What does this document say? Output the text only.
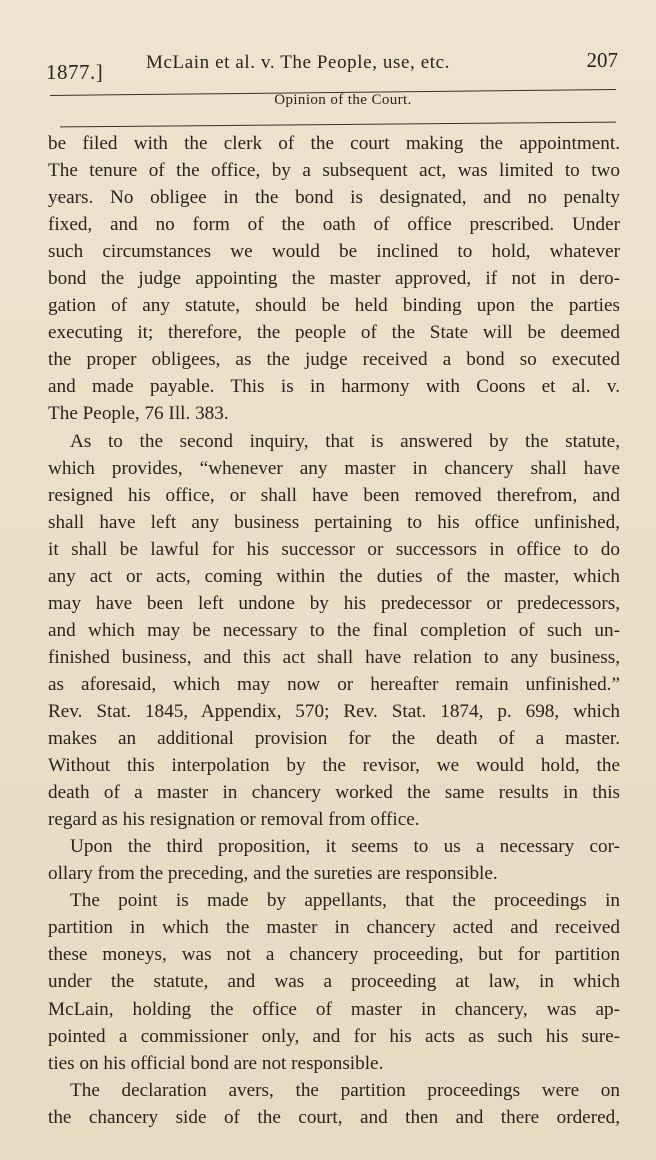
1877.] McLain et al. v. The People, use, etc.	207
Opinion of the Court.
be filed with the clerk of the court making the appointment.
The tenure of the office, by a subsequent act, was limited to two
years. No obligee in the bond is designated, and no penalty
fixed, and no form of the oath of office prescribed. Under
such circumstances we would be inclined to hold, whatever
bond the judge appointing the master approved, if not in dero-
gation of any statute, should be held binding upon the parties
executing it; therefore, the people of the State will be deemed
the proper obligees, as the judge received a bond so executed
and made payable. This is in harmony with Coons et al. v.
The People, 76 Ill. 383.
As to the second inquiry, that is answered by the statute,
which provides, “whenever any master in chancery shall have
resigned his office, or shall have been removed therefrom, and
shall have left any business pertaining to his office unfinished,
it shall be lawful for his successor or successors in office to do
any act or acts, coming within the duties of the master, which
may have been left undone by his predecessor or predecessors,
and which may be necessary to the final completion of such un-
finished business, and this act shall have relation to any business,
as aforesaid, which may now or hereafter remain unfinished.”
Rev. Stat. 1845, Appendix, 570; Rev. Stat. 1874, p. 698, which
makes an additional provision for the death of a master.
Without this interpolation by the revisor, we would hold, the
death of a master in chancery worked the same results in this
regard as his resignation or removal from office.
Upon the third proposition, it seems to us a necessary cor-
ollary from the preceding, and the sureties are responsible.
The point is made by appellants, that the proceedings in
partition in which the master in chancery acted and received
these moneys, was not a chancery proceeding, but for partition
under the statute, and was a proceeding at law, in which
McLain, holding the office of master in chancery, was ap-
pointed a commissioner only, and for his acts as such his sure-
ties on his official bond are not responsible.
The declaration avers, the partition proceedings were on
the chancery side of the court, and then and there ordered,
